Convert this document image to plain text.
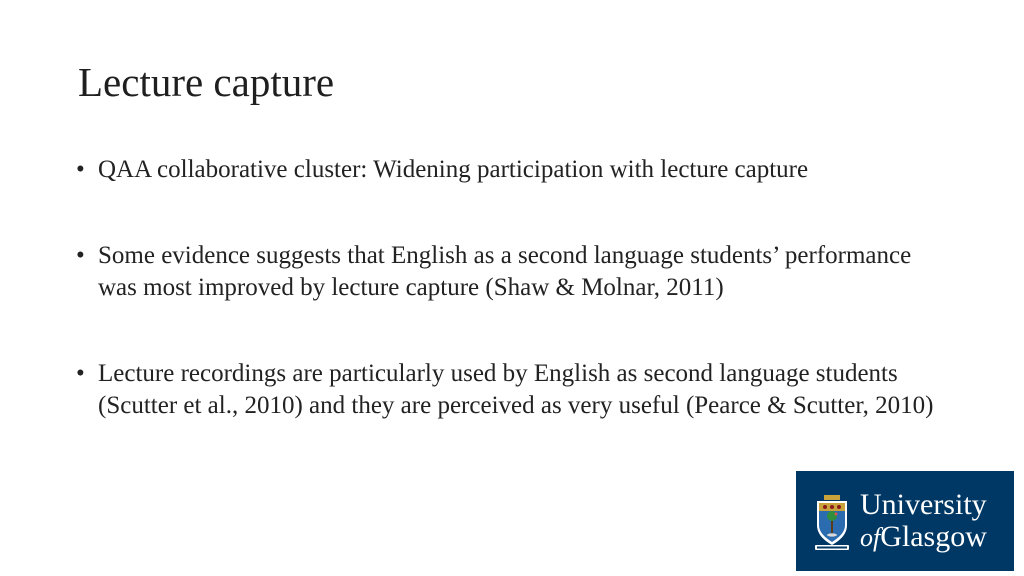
Lecture capture
• QAA collaborative cluster: Widening participation with lecture capture
• Some evidence suggests that English as a second language students’ performance was most improved by lecture capture (Shaw & Molnar, 2011)
• Lecture recordings are particularly used by English as second language students (Scutter et al., 2010) and they are perceived as very useful (Pearce & Scutter, 2010)
University
ofGlasgow
